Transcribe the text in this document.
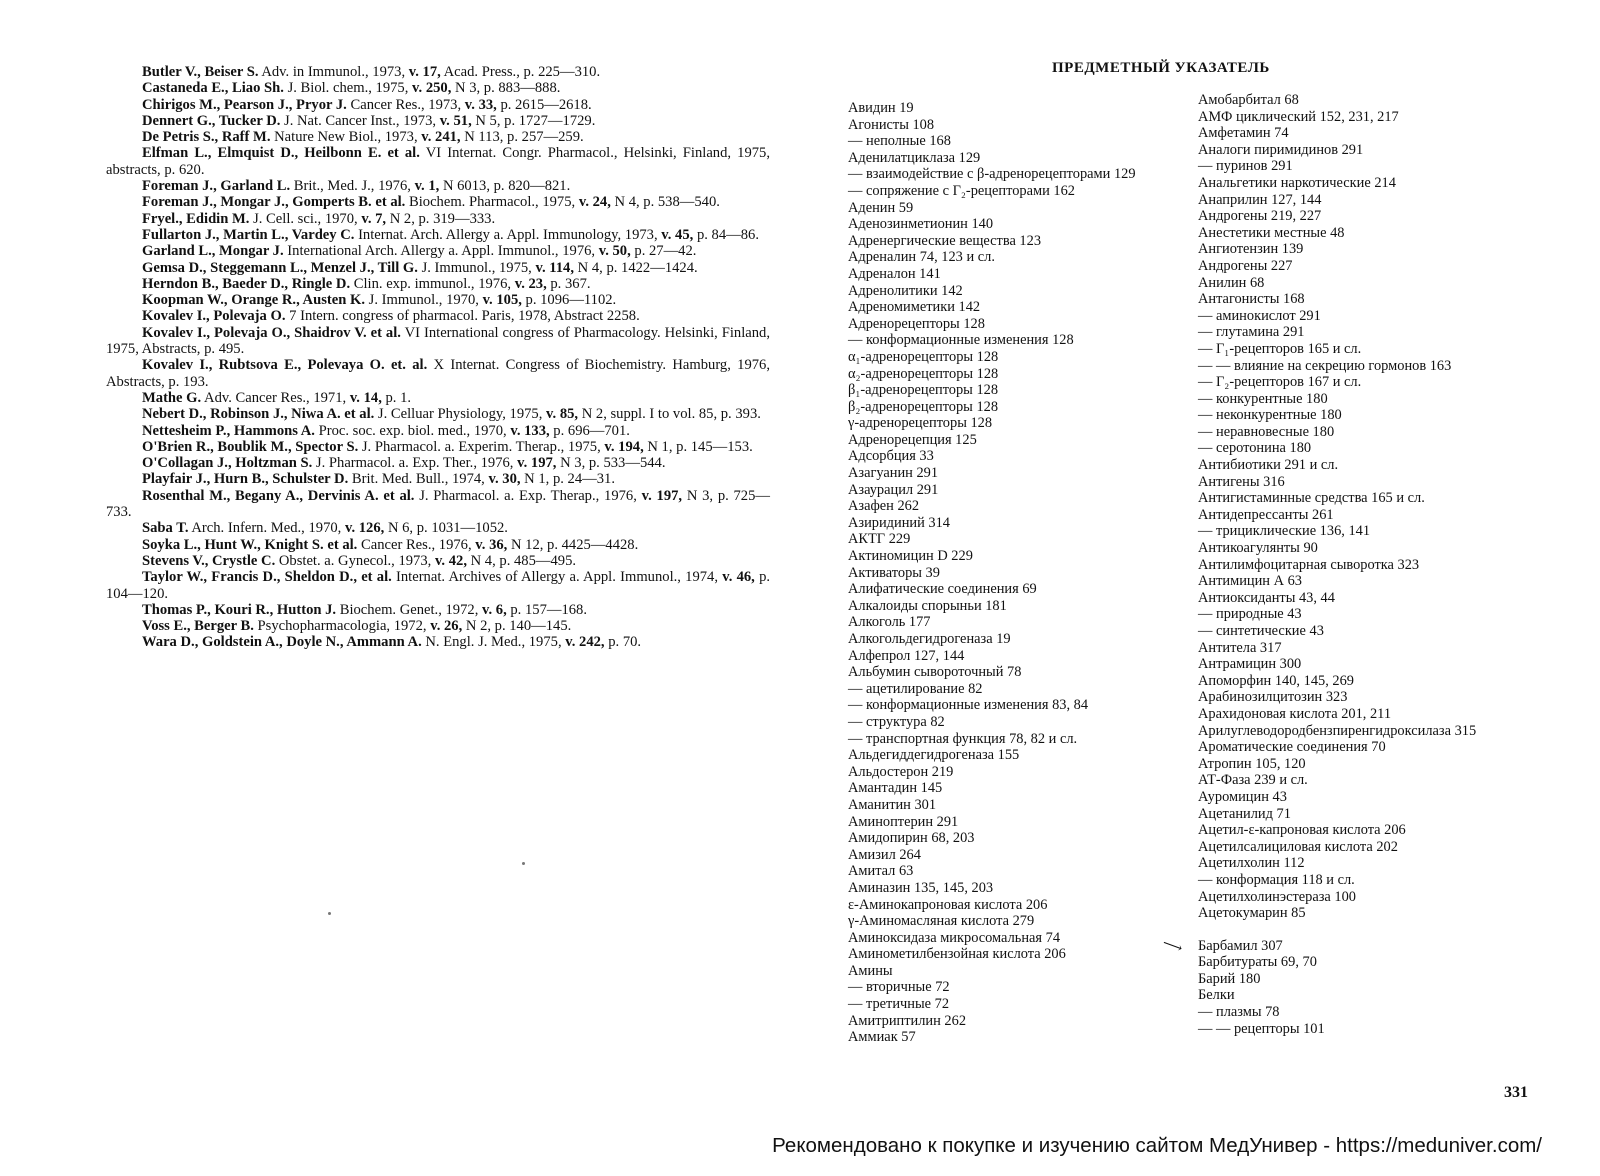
Butler V., Beiser S. Adv. in Immunol., 1973, v. 17, Acad. Press., p. 225—310.
Castaneda E., Liao Sh. J. Biol. chem., 1975, v. 250, N 3, p. 883—888.
Chirigos M., Pearson J., Pryor J. Cancer Res., 1973, v. 33, p. 2615—2618.
Dennert G., Tucker D. J. Nat. Cancer Inst., 1973, v. 51, N 5, p. 1727—1729.
De Petris S., Raff M. Nature New Biol., 1973, v. 241, N 113, p. 257—259.
Elfman L., Elmquist D., Heilbonn E. et al. VI Internat. Congr. Pharmacol., Helsinki, Finland, 1975, abstracts, p. 620.
Foreman J., Garland L. Brit., Med. J., 1976, v. 1, N 6013, p. 820—821.
Foreman J., Mongar J., Gomperts B. et al. Biochem. Pharmacol., 1975, v. 24, N 4, p. 538—540.
Fryel., Edidin M. J. Cell. sci., 1970, v. 7, N 2, p. 319—333.
Fullarton J., Martin L., Vardey C. Internat. Arch. Allergy a. Appl. Immunology, 1973, v. 45, p. 84—86.
Garland L., Mongar J. International Arch. Allergy a. Appl. Immunol., 1976, v. 50, p. 27—42.
Gemsa D., Steggemann L., Menzel J., Till G. J. Immunol., 1975, v. 114, N 4, p. 1422—1424.
Herndon B., Baeder D., Ringle D. Clin. exp. immunol., 1976, v. 23, p. 367.
Koopman W., Orange R., Austen K. J. Immunol., 1970, v. 105, p. 1096—1102.
Kovalev I., Polevaja O. 7 Intern. congress of pharmacol. Paris, 1978, Abstract 2258.
Kovalev I., Polevaja O., Shaidrov V. et al. VI International congress of Pharmacology. Helsinki, Finland, 1975, Abstracts, p. 495.
Kovalev I., Rubtsova E., Polevaya O. et. al. X Internat. Congress of Biochemistry. Hamburg, 1976, Abstracts, p. 193.
Mathe G. Adv. Cancer Res., 1971, v. 14, p. 1.
Nebert D., Robinson J., Niwa A. et al. J. Celluar Physiology, 1975, v. 85, N 2, suppl. I to vol. 85, p. 393.
Nettesheim P., Hammons A. Proc. soc. exp. biol. med., 1970, v. 133, p. 696—701.
O'Brien R., Boublik M., Spector S. J. Pharmacol. a. Experim. Therap., 1975, v. 194, N 1, p. 145—153.
O'Collagan J., Holtzman S. J. Pharmacol. a. Exp. Ther., 1976, v. 197, N 3, p. 533—544.
Playfair J., Hurn B., Schulster D. Brit. Med. Bull., 1974, v. 30, N 1, p. 24—31.
Rosenthal M., Begany A., Dervinis A. et al. J. Pharmacol. a. Exp. Therap., 1976, v. 197, N 3, p. 725—733.
Saba T. Arch. Infern. Med., 1970, v. 126, N 6, p. 1031—1052.
Soyka L., Hunt W., Knight S. et al. Cancer Res., 1976, v. 36, N 12, p. 4425—4428.
Stevens V., Crystle C. Obstet. a. Gynecol., 1973, v. 42, N 4, p. 485—495.
Taylor W., Francis D., Sheldon D., et al. Internat. Archives of Allergy a. Appl. Immunol., 1974, v. 46, p. 104—120.
Thomas P., Kouri R., Hutton J. Biochem. Genet., 1972, v. 6, p. 157—168.
Voss E., Berger B. Psychopharmacologia, 1972, v. 26, N 2, p. 140—145.
Wara D., Goldstein A., Doyle N., Ammann A. N. Engl. J. Med., 1975, v. 242, p. 70.
ПРЕДМЕТНЫЙ УКАЗАТЕЛЬ
Авидин 19
Агонисты 108
— неполные 168
Аденилатциклаза 129
— взаимодействие с β-адренорецепторами 129
— сопряжение с Г₂-рецепторами 162
Аденин 59
Аденозинметионин 140
Адренергические вещества 123
Адреналин 74, 123 и сл.
Адреналон 141
Адренолитики 142
Адреномиметики 142
Адренорецепторы 128
— конформационные изменения 128
α₁-адренорецепторы 128
α₂-адренорецепторы 128
β₁-адренорецепторы 128
β₂-адренорецепторы 128
γ-адренорецепторы 128
Адренорецепция 125
Адсорбция 33
Азагуанин 291
Азаурацил 291
Азафен 262
Азиридиний 314
АКТГ 229
Актиномицин D 229
Активаторы 39
Алифатические соединения 69
Алкалоиды спорыньи 181
Алкоголь 177
Алкогольдегидрогеназа 19
Алфепрол 127, 144
Альбумин сывороточный 78
— ацетилирование 82
— конформационные изменения 83, 84
— структура 82
— транспортная функция 78, 82 и сл.
Альдегиддегидрогеназа 155
Альдостерон 219
Амантадин 145
Аманитин 301
Аминоптерин 291
Амидопирин 68, 203
Амизил 264
Амитал 63
Аминазин 135, 145, 203
ε-Аминокапроновая кислота 206
γ-Аминомасляная кислота 279
Аминоксидаза микросомальная 74
Аминометилбензойная кислота 206
Амины
— вторичные 72
— третичные 72
Амитриптилин 262
Аммиак 57
Амобарбитал 68
АМФ циклический 152, 231, 217
Амфетамин 74
Аналоги пиримидинов 291
— пуринов 291
Анальгетики наркотические 214
Анаприлин 127, 144
Андрогены 219, 227
Анестетики местные 48
Ангиотензин 139
Андрогены 227
Анилин 68
Антагонисты 168
— аминокислот 291
— глутамина 291
— Г₁-рецепторов 165 и сл.
— — влияние на секрецию гормонов 163
— Г₂-рецепторов 167 и сл.
— конкурентные 180
— неконкурентные 180
— неравновесные 180
— серотонина 180
Антибиотики 291 и сл.
Антигены 316
Антигистаминные средства 165 и сл.
Антидепрессанты 261
— трициклические 136, 141
Антикоагулянты 90
Антилимфоцитарная сыворотка 323
Антимицин А 63
Антиоксиданты 43, 44
— природные 43
— синтетические 43
Антитела 317
Антрамицин 300
Апоморфин 140, 145, 269
Арабинозилцитозин 323
Арахидоновая кислота 201, 211
Арилуглеводородбензпиренгидроксилаза 315
Ароматические соединения 70
Атропин 105, 120
АТ-Фаза 239 и сл.
Ауромицин 43
Ацетанилид 71
Ацетил-ε-капроновая кислота 206
Ацетилсалициловая кислота 202
Ацетилхолин 112
— конформация 118 и сл.
Ацетилхолинэстераза 100
Ацетокумарин 85
⟶ Барбамил 307
Барбитураты 69, 70
Барий 180
Белки
— плазмы 78
— — рецепторы 101
331
Рекомендовано к покупке и изучению сайтом МедУнивер - https://meduniver.com/
